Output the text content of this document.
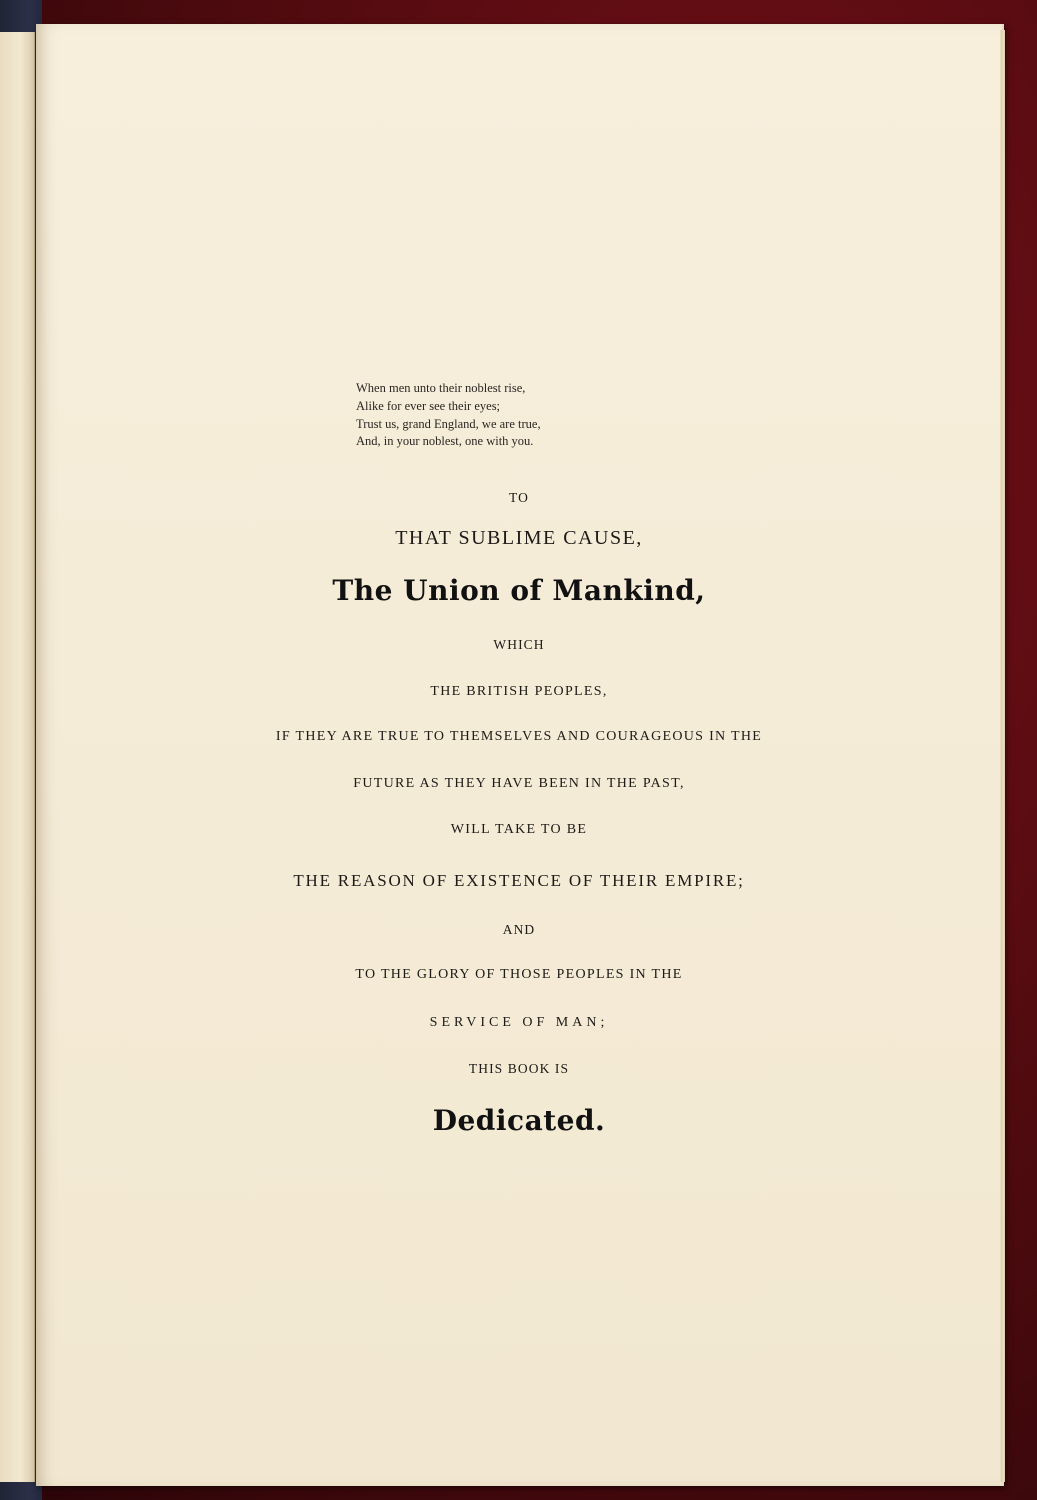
When men unto their noblest rise,
Alike for ever see their eyes;
Trust us, grand England, we are true,
And, in your noblest, one with you.
TO
THAT SUBLIME CAUSE,
The Union of Mankind,
WHICH
THE BRITISH PEOPLES,
IF THEY ARE TRUE TO THEMSELVES AND COURAGEOUS IN THE
FUTURE AS THEY HAVE BEEN IN THE PAST,
WILL TAKE TO BE
THE REASON OF EXISTENCE OF THEIR EMPIRE;
AND
TO THE GLORY OF THOSE PEOPLES IN THE
SERVICE OF MAN;
THIS BOOK IS
Dedicated.
